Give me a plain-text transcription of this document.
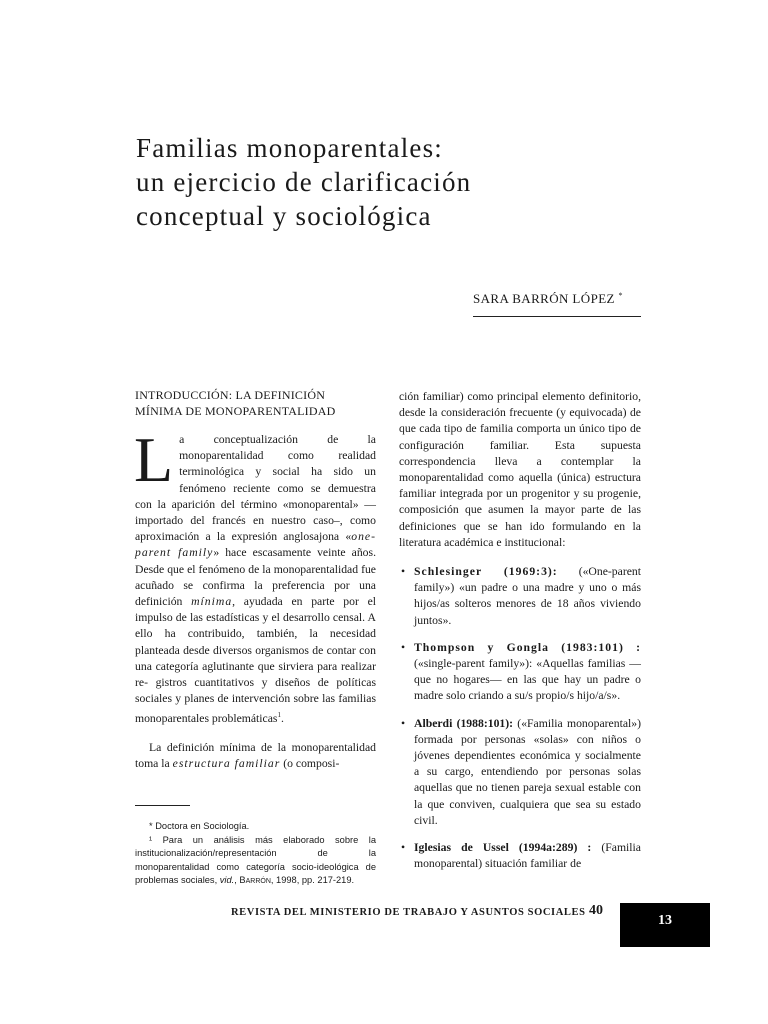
Familias monoparentales:
un ejercicio de clarificación
conceptual y sociológica
SARA BARRÓN LÓPEZ *
INTRODUCCIÓN: LA DEFINICIÓN
MÍNIMA DE MONOPARENTALIDAD

La conceptualización de la monoparentalidad como realidad terminológica y social ha sido un fenómeno reciente como se demuestra con la aparición del término «monoparental» —importado del francés en nuestro caso–, como aproximación a la expresión anglosajona «one-parent family» hace escasamente veinte años. Desde que el fenómeno de la monoparentalidad fue acuñado se confirma la preferencia por una definición mínima, ayudada en parte por el impulso de las estadísticas y el desarrollo censal. A ello ha contribuido, también, la necesidad planteada desde diversos organismos de contar con una categoría aglutinante que sirviera para realizar re- gistros cuantitativos y diseños de políticas sociales y planes de intervención sobre las familias monoparentales problemáticas$^1$.

La definición mínima de la monoparentalidad toma la estructura familiar (o composi-

* Doctora en Sociología.

¹ Para un análisis más elaborado sobre la institucionalización/representación de la monoparentalidad como categoría socio-ideológica de problemas sociales, vid., Barrón, 1998, pp. 217-219.

ción familiar) como principal elemento definitorio, desde la consideración frecuente (y equivocada) de que cada tipo de familia comporta un único tipo de configuración familiar. Esta supuesta correspondencia lleva a contemplar la monoparentalidad como aquella (única) estructura familiar integrada por un progenitor y su progenie, composición que asumen la mayor parte de las definiciones que se han ido formulando en la literatura académica e institucional:

• Schlesinger (1969:3): («One-parent family») «un padre o una madre y uno o más hijos/as solteros menores de 18 años viviendo juntos».
• Thompson y Gongla (1983:101) : («single-parent family»): «Aquellas familias —que no hogares— en las que hay un padre o madre solo criando a su/s propio/s hijo/a/s».
• Alberdi (1988:101): («Familia monoparental») formada por personas «solas» con niños o jóvenes dependientes económica y socialmente a su cargo, entendiendo por personas solas aquellas que no tienen pareja sexual estable con la que conviven, cualquiera que sea su estado civil.
• Iglesias de Ussel (1994a:289) : (Familia monoparental) situación familiar de
REVISTA DEL MINISTERIO DE TRABAJO Y ASUNTOS SOCIALES 40
13
